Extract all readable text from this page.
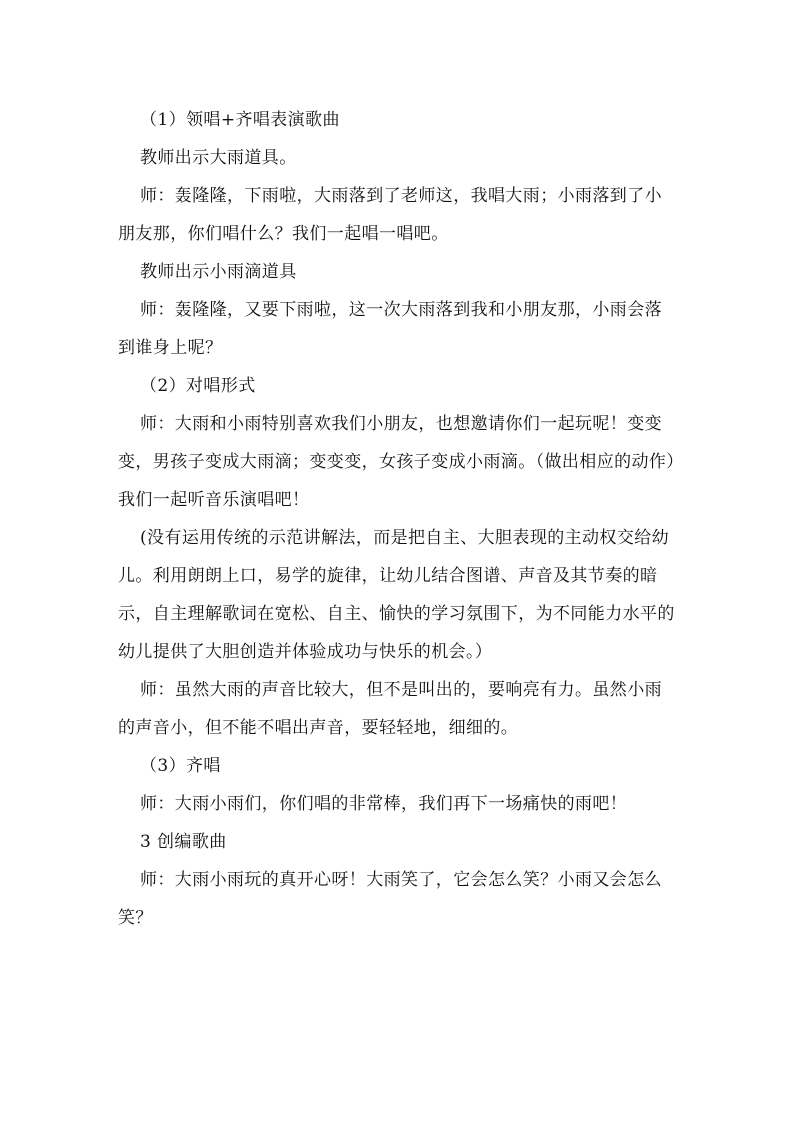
（1）领唱+齐唱表演歌曲

教师出示大雨道具。

师：轰隆隆，下雨啦，大雨落到了老师这，我唱大雨；小雨落到了小朋友那，你们唱什么？我们一起唱一唱吧。

教师出示小雨滴道具

师：轰隆隆，又要下雨啦，这一次大雨落到我和小朋友那，小雨会落到谁身上呢？

（2）对唱形式

师：大雨和小雨特别喜欢我们小朋友，也想邀请你们一起玩呢！变变变，男孩子变成大雨滴；变变变，女孩子变成小雨滴。（做出相应的动作）我们一起听音乐演唱吧！

(没有运用传统的示范讲解法，而是把自主、大胆表现的主动权交给幼儿。利用朗朗上口，易学的旋律，让幼儿结合图谱、声音及其节奏的暗示，自主理解歌词在宽松、自主、愉快的学习氛围下，为不同能力水平的幼儿提供了大胆创造并体验成功与快乐的机会。）

师：虽然大雨的声音比较大，但不是叫出的，要响亮有力。虽然小雨的声音小，但不能不唱出声音，要轻轻地，细细的。

（3）齐唱

师：大雨小雨们，你们唱的非常棒，我们再下一场痛快的雨吧！

3 创编歌曲

师：大雨小雨玩的真开心呀！大雨笑了，它会怎么笑？小雨又会怎么笑？
